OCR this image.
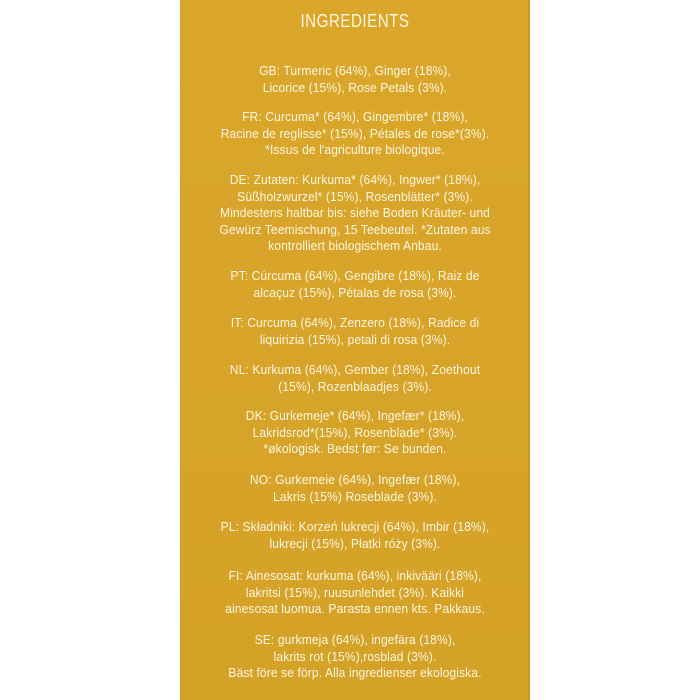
INGREDIENTS
GB: Turmeric (64%), Ginger (18%),
Licorice (15%), Rose Petals (3%).
FR: Curcuma* (64%), Gingembre* (18%),
Racine de reglisse* (15%), Pétales de rose*(3%).
*Issus de l'agriculture biologique.
DE: Zutaten: Kurkuma* (64%), Ingwer* (18%),
Süßholzwurzel* (15%), Rosenblätter* (3%).
Mindestens haltbar bis: siehe Boden Kräuter- und
Gewürz Teemischung, 15 Teebeutel. *Zutaten aus
kontrolliert biologischem Anbau.
PT: Cúrcuma (64%), Gengibre (18%), Raiz de
alcaçuz (15%), Pétalas de rosa (3%).
IT: Curcuma (64%), Zenzero (18%), Radice di
liquirizia (15%), petali di rosa (3%).
NL: Kurkuma (64%), Gember (18%), Zoethout
(15%), Rozenblaadjes (3%).
DK: Gurkemeje* (64%), Ingefær* (18%),
Lakridsrod*(15%), Rosenblade* (3%).
*økologisk. Bedst før: Se bunden.
NO: Gurkemeie (64%), Ingefær (18%),
Lakris (15%) Roseblade (3%).
PL: Składniki: Korzeń lukrecji (64%), Imbir (18%),
lukrecji (15%), Płatki róży (3%).
FI: Ainesosat: kurkuma (64%), inkivääri (18%),
lakritsi (15%), ruusunlehdet (3%). Kaikki
ainesosat luomua. Parasta ennen kts. Pakkaus.
SE: gurkmeja (64%), ingefära (18%),
lakrits rot (15%),rosblad (3%).
Bäst före se förp. Alla ingredienser ekologiska.
